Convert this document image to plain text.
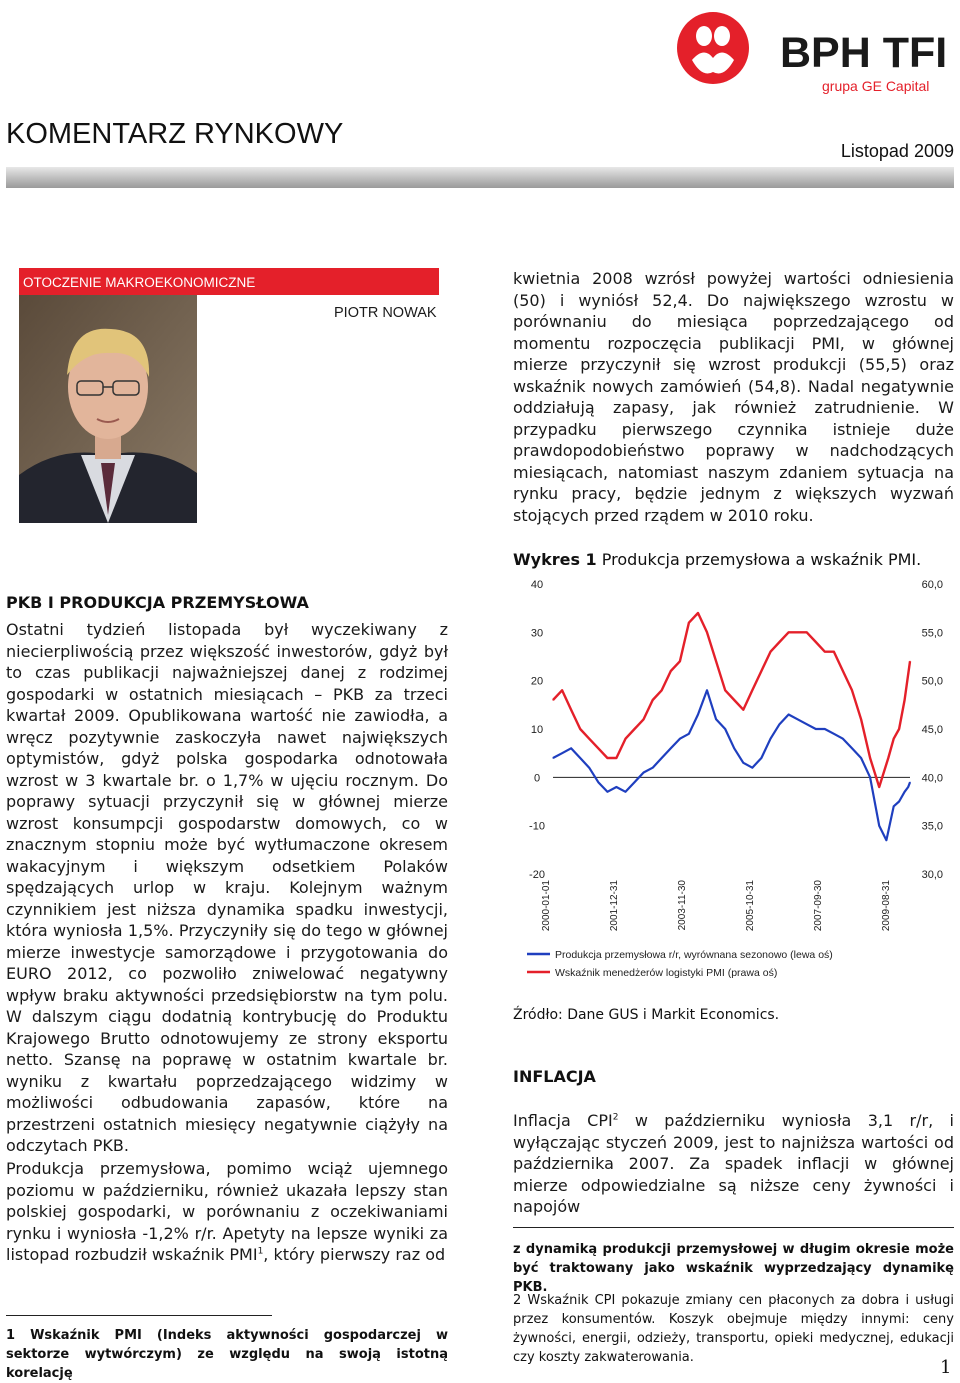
BPH TFI
grupa GE Capital
KOMENTARZ RYNKOWY
Listopad 2009
OTOCZENIE MAKROEKONOMICZNE
PIOTR NOWAK

kwietnia 2008 wzrósł powyżej wartości odniesienia (50) i wyniósł 52,4. Do największego wzrostu w porównaniu do miesiąca poprzedzającego od momentu rozpoczęcia publikacji PMI, w głównej mierze przyczynił się wzrost produkcji (55,5) oraz wskaźnik nowych zamówień (54,8). Nadal negatywnie oddziałują zapasy, jak również zatrudnienie. W przypadku pierwszego czynnika istnieje duże prawdopodobieństwo poprawy w nadchodzących miesiącach, natomiast naszym zdaniem sytuacja na rynku pracy, będzie jednym z większych wyzwań stojących przed rządem w 2010 roku.

PKB I PRODUKCJA PRZEMYSŁOWA

Ostatni tydzień listopada był wyczekiwany z niecierpliwością przez większość inwestorów, gdyż był to czas publikacji najważniejszej danej z rodzimej gospodarki w ostatnich miesiącach – PKB za trzeci kwartał 2009. Opublikowana wartość nie zawiodła, a wręcz pozytywnie zaskoczyła nawet największych optymistów, gdyż polska gospodarka odnotowała wzrost w 3 kwartale br. o 1,7% w ujęciu rocznym. Do poprawy sytuacji przyczynił się w głównej mierze wzrost konsumpcji gospodarstw domowych, co w znacznym stopniu może być wytłumaczone okresem wakacyjnym i większym odsetkiem Polaków spędzających urlop w kraju. Kolejnym ważnym czynnikiem jest niższa dynamika spadku inwestycji, która wyniosła 1,5%. Przyczyniły się do tego w głównej mierze inwestycje samorządowe i przygotowania do EURO 2012, co pozwoliło zniwelować negatywny wpływ braku aktywności przedsiębiorstw na tym polu. W dalszym ciągu dodatnią kontrybucję do Produktu Krajowego Brutto odnotowujemy ze strony eksportu netto. Szansę na poprawę w ostatnim kwartale br. wyniku z kwartału poprzedzającego widzimy w możliwości odbudowania zapasów, które na przestrzeni ostatnich miesięcy negatywnie ciążyły na odczytach PKB.

Produkcja przemysłowa, pomimo wciąż ujemnego poziomu w październiku, również ukazała lepszy stan polskiej gospodarki, w porównaniu z oczekiwaniami rynku i wyniosła -1,2% r/r. Apetyty na lepsze wyniki za listopad rozbudził wskaźnik PMI$^1$, który pierwszy raz od

Wykres 1 Produkcja przemysłowa a wskaźnik PMI.
40
30
20
10
0
-10
-20
60,0
55,0
50,0
45,0
40,0
35,0
30,0
2000-01-01	2001-12-31	2003-11-30	2005-10-31	2007-09-30	2009-08-31
Produkcja przemysłowa r/r, wyrównana sezonowo (lewa oś)
Wskaźnik menedżerów logistyki PMI (prawa oś)
Źródło: Dane GUS i Markit Economics.
INFLACJA

Inflacja CPI$^2$ w październiku wyniosła 3,1 r/r, i wyłączając styczeń 2009, jest to najniższa wartości od października 2007. Za spadek inflacji w głównej mierze odpowiedzialne są niższe ceny żywności i napojów

z dynamiką produkcji przemysłowej w długim okresie może być traktowany jako wskaźnik wyprzedzający dynamikę PKB.

2 Wskaźnik CPI pokazuje zmiany cen płaconych za dobra i usługi przez konsumentów. Koszyk obejmuje między innymi: ceny żywności, energii, odzieży, transportu, opieki medycznej, edukacji czy koszty zakwaterowania.

1 Wskaźnik PMI (Indeks aktywności gospodarczej w sektorze wytwórczym) ze względu na swoją istotną korelację	1
